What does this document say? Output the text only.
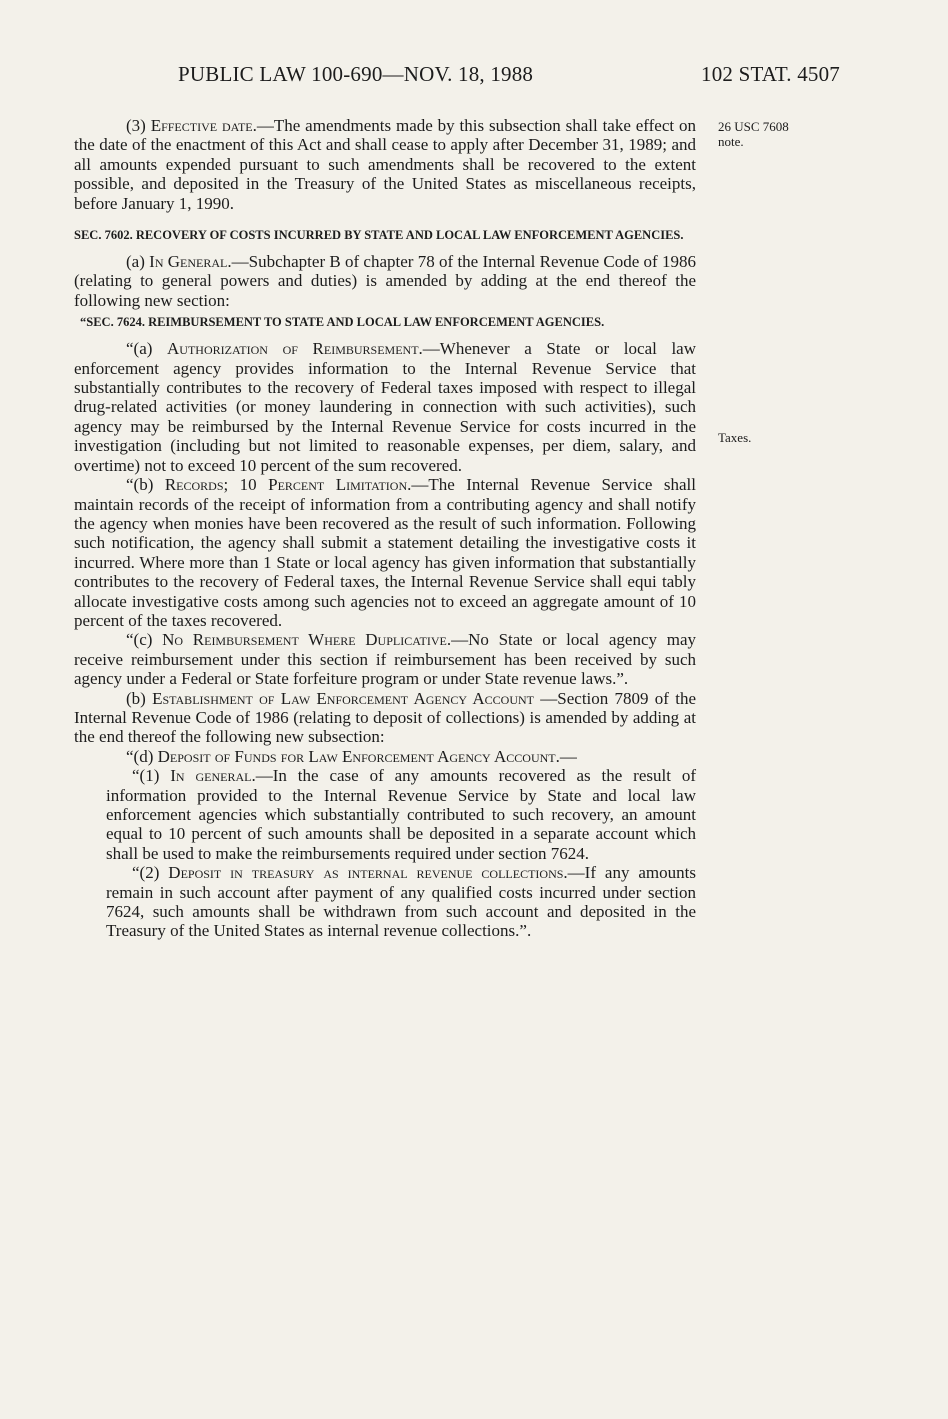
PUBLIC LAW 100-690—NOV. 18, 1988	102 STAT. 4507
26 USC 7608
note.
Taxes.

(3) Effective date.—The amendments made by this subsection shall take effect on the date of the enactment of this Act and shall cease to apply after December 31, 1989; and all amounts expended pursuant to such amendments shall be recovered to the extent possible, and deposited in the Treasury of the United States as miscellaneous receipts, before January 1, 1990.

SEC. 7602. RECOVERY OF COSTS INCURRED BY STATE AND LOCAL LAW ENFORCEMENT AGENCIES.

(a) In General.—Subchapter B of chapter 78 of the Internal Revenue Code of 1986 (relating to general powers and duties) is amended by adding at the end thereof the following new section:

“SEC. 7624. REIMBURSEMENT TO STATE AND LOCAL LAW ENFORCEMENT AGENCIES.

“(a) Authorization of Reimbursement.—Whenever a State or local law enforcement agency provides information to the Internal Revenue Service that substantially contributes to the recovery of Federal taxes imposed with respect to illegal drug-related activities (or money laundering in connection with such activities), such agency may be reimbursed by the Internal Revenue Service for costs incurred in the investigation (including but not limited to reasonable expenses, per diem, salary, and overtime) not to exceed 10 percent of the sum recovered.

“(b) Records; 10 Percent Limitation.—The Internal Revenue Service shall maintain records of the receipt of information from a contributing agency and shall notify the agency when monies have been recovered as the result of such information. Following such notification, the agency shall submit a statement detailing the investigative costs it incurred. Where more than 1 State or local agency has given information that substantially contributes to the recovery of Federal taxes, the Internal Revenue Service shall equi tably allocate investigative costs among such agencies not to exceed an aggregate amount of 10 percent of the taxes recovered.

“(c) No Reimbursement Where Duplicative.—No State or local agency may receive reimbursement under this section if reimbursement has been received by such agency under a Federal or State forfeiture program or under State revenue laws.”.

(b) Establishment of Law Enforcement Agency Account —Section 7809 of the Internal Revenue Code of 1986 (relating to deposit of collections) is amended by adding at the end thereof the following new subsection:

“(d) Deposit of Funds for Law Enforcement Agency Account.—

“(1) In general.—In the case of any amounts recovered as the result of information provided to the Internal Revenue Service by State and local law enforcement agencies which substantially contributed to such recovery, an amount equal to 10 percent of such amounts shall be deposited in a separate account which shall be used to make the reimbursements required under section 7624.

“(2) Deposit in treasury as internal revenue collections.—If any amounts remain in such account after payment of any qualified costs incurred under section 7624, such amounts shall be withdrawn from such account and deposited in the Treasury of the United States as internal revenue collections.”.
